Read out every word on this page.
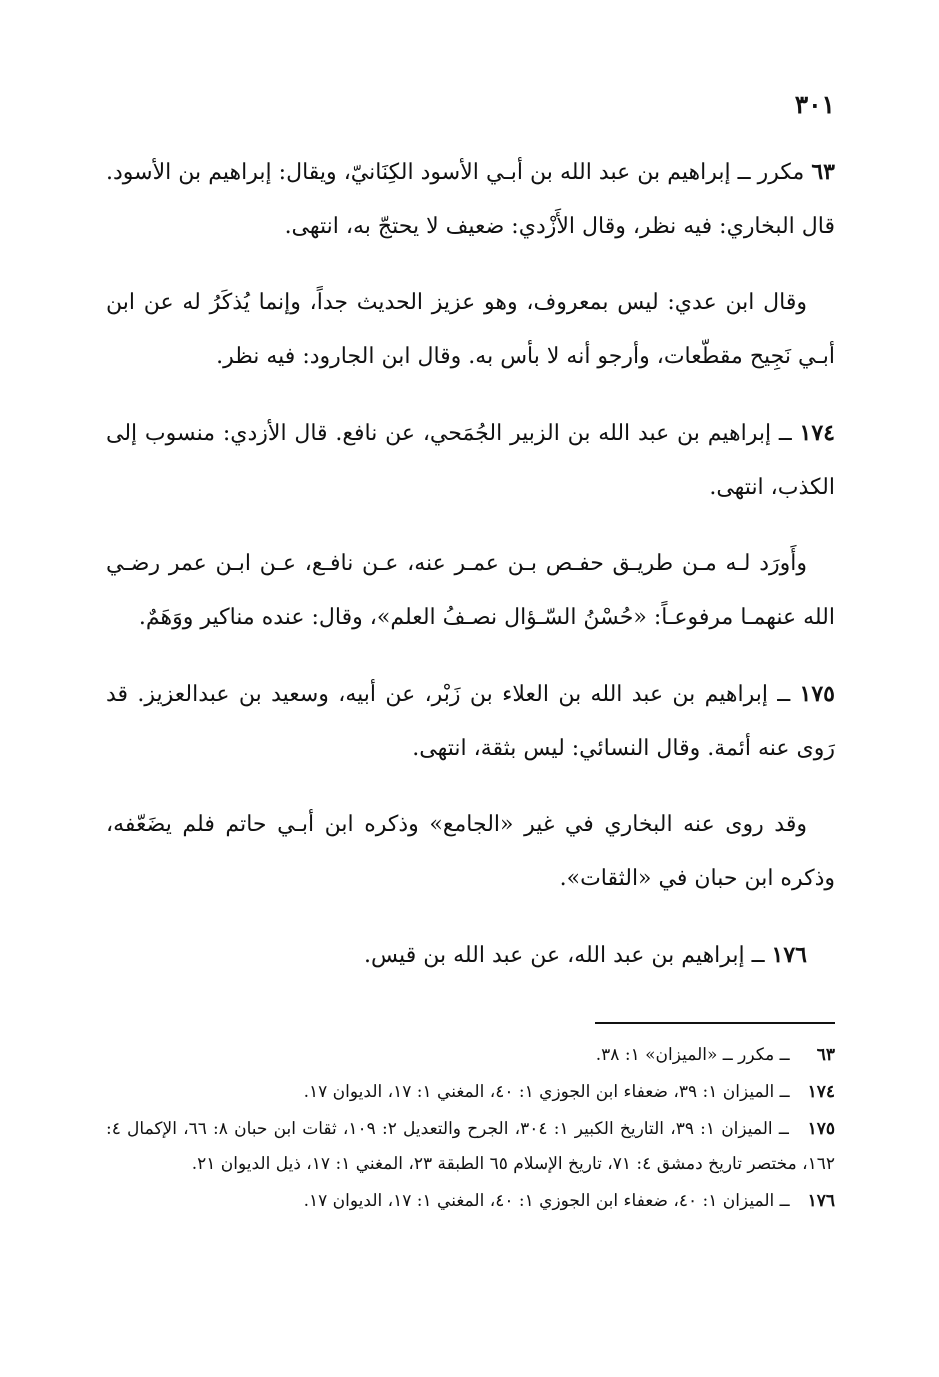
٣٠١

٦٣ مكرر ــ إبراهيم بن عبد الله بن أبـي الأسود الكِنَانيّ، ويقال: إبراهيم بن الأسود. قال البخاري: فيه نظر، وقال الأَزْدي: ضعيف لا يحتجّ به، انتهى.

وقال ابن عدي: ليس بمعروف، وهو عزيز الحديث جداً، وإنما يُذكَرُ له عن ابن أبـي نَجِيح مقطّعات، وأرجو أنه لا بأس به. وقال ابن الجارود: فيه نظر.

١٧٤ ــ إبراهيم بن عبد الله بن الزبير الجُمَحي، عن نافع. قال الأزدي: منسوب إلى الكذب، انتهى.

وأَورَد لـه مـن طريـق حفـص بـن عمـر عنه، عـن نافـع، عـن ابـن عمر رضـي الله عنهمـا مرفوعـاً: «حُسْنُ السّـؤال نصـفُ العلم»، وقال: عنده مناكير ووَهَمٌ.

١٧٥ ــ إبراهيم بن عبد الله بن العلاء بن زَبْر، عن أبيه، وسعيد بن عبدالعزيز. قد رَوى عنه أئمة. وقال النسائي: ليس بثقة، انتهى.

وقد روى عنه البخاري في غير «الجامع» وذكره ابن أبـي حاتم فلم يضَعّفه، وذكره ابن حبان في «الثقات».

١٧٦ ــ إبراهيم بن عبد الله، عن عبد الله بن قيس.

٦٣ ــ مكرر ــ «الميزان» ١: ٣٨.

١٧٤ ــ الميزان ١: ٣٩، ضعفاء ابن الجوزي ١: ٤٠، المغني ١: ١٧، الديوان ١٧.

١٧٥ ــ الميزان ١: ٣٩، التاريخ الكبير ١: ٣٠٤، الجرح والتعديل ٢: ١٠٩، ثقات ابن حبان ٨: ٦٦، الإكمال ٤: ١٦٢، مختصر تاريخ دمشق ٤: ٧١، تاريخ الإسلام ٦٥ الطبقة ٢٣، المغني ١: ١٧، ذيل الديوان ٢١.

١٧٦ ــ الميزان ١: ٤٠، ضعفاء ابن الجوزي ١: ٤٠، المغني ١: ١٧، الديوان ١٧.
